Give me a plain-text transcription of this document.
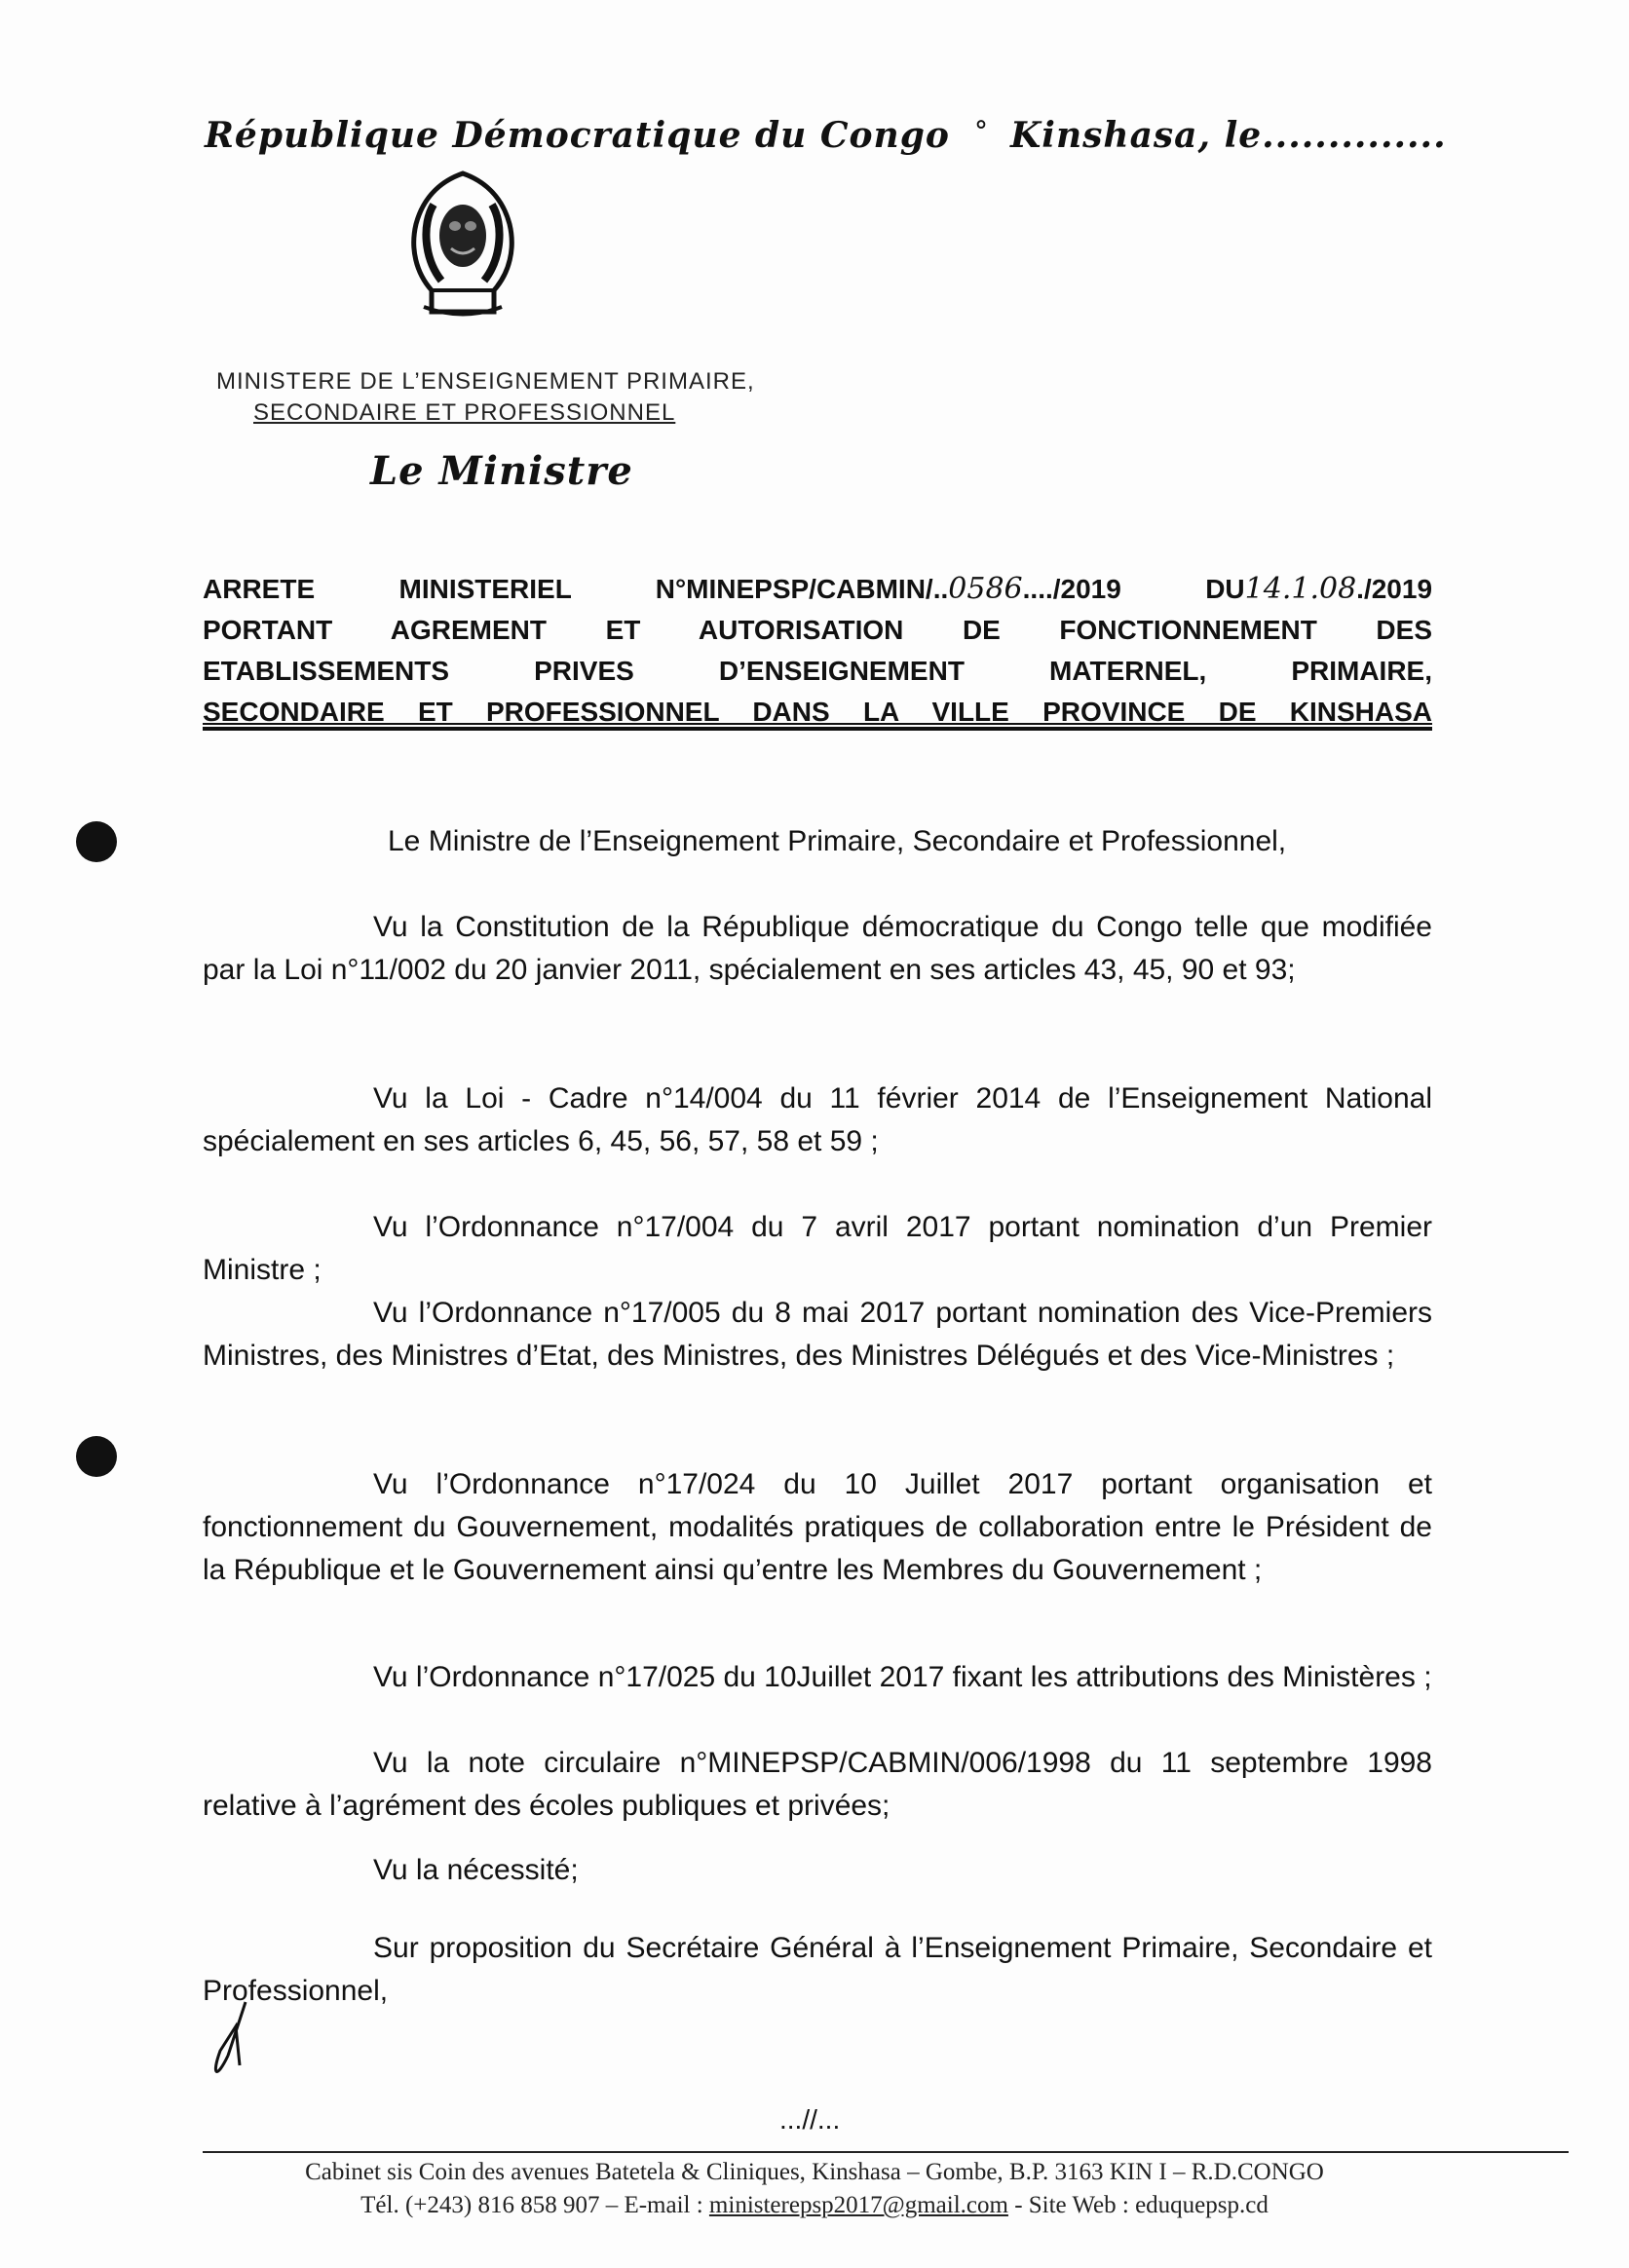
République Démocratique du Congo ° Kinshasa, le..............
MINISTERE DE L’ENSEIGNEMENT PRIMAIRE,
SECONDAIRE ET PROFESSIONNEL
Le Ministre
ARRETE	MINISTERIEL	N°MINEPSP/CABMIN/..0586..../2019	DU14.1.08./2019
PORTANT AGREMENT ET AUTORISATION DE FONCTIONNEMENT DES
ETABLISSEMENTS PRIVES D’ENSEIGNEMENT MATERNEL, PRIMAIRE,
SECONDAIRE ET PROFESSIONNEL DANS LA VILLE PROVINCE DE KINSHASA
Le Ministre de l’Enseignement Primaire, Secondaire et Professionnel,
Vu la Constitution de la République démocratique du Congo telle que modifiée par la Loi n°11/002 du 20 janvier 2011, spécialement en ses articles 43, 45, 90 et 93;
Vu la Loi - Cadre n°14/004 du 11 février 2014 de l’Enseignement National spécialement en ses articles 6, 45, 56, 57, 58 et 59 ;
Vu l’Ordonnance n°17/004 du 7 avril 2017 portant nomination d’un Premier Ministre ;
Vu l’Ordonnance n°17/005 du 8 mai 2017 portant nomination des Vice-Premiers Ministres, des Ministres d’Etat, des Ministres, des Ministres Délégués et des Vice-Ministres ;
Vu l’Ordonnance n°17/024 du 10 Juillet 2017 portant organisation et fonctionnement du Gouvernement, modalités pratiques de collaboration entre le Président de la République et le Gouvernement ainsi qu’entre les Membres du Gouvernement ;
Vu l’Ordonnance n°17/025 du 10Juillet 2017 fixant les attributions des Ministères ;
Vu la note circulaire n°MINEPSP/CABMIN/006/1998 du 11 septembre 1998 relative à l’agrément des écoles publiques et privées;
Vu la nécessité;
Sur proposition du Secrétaire Général à l’Enseignement Primaire, Secondaire et Professionnel,
...//...
Cabinet sis Coin des avenues Batetela & Cliniques, Kinshasa – Gombe, B.P. 3163 KIN I – R.D.CONGO
Tél. (+243) 816 858 907 – E-mail : ministerepsp2017@gmail.com - Site Web : eduquepsp.cd
